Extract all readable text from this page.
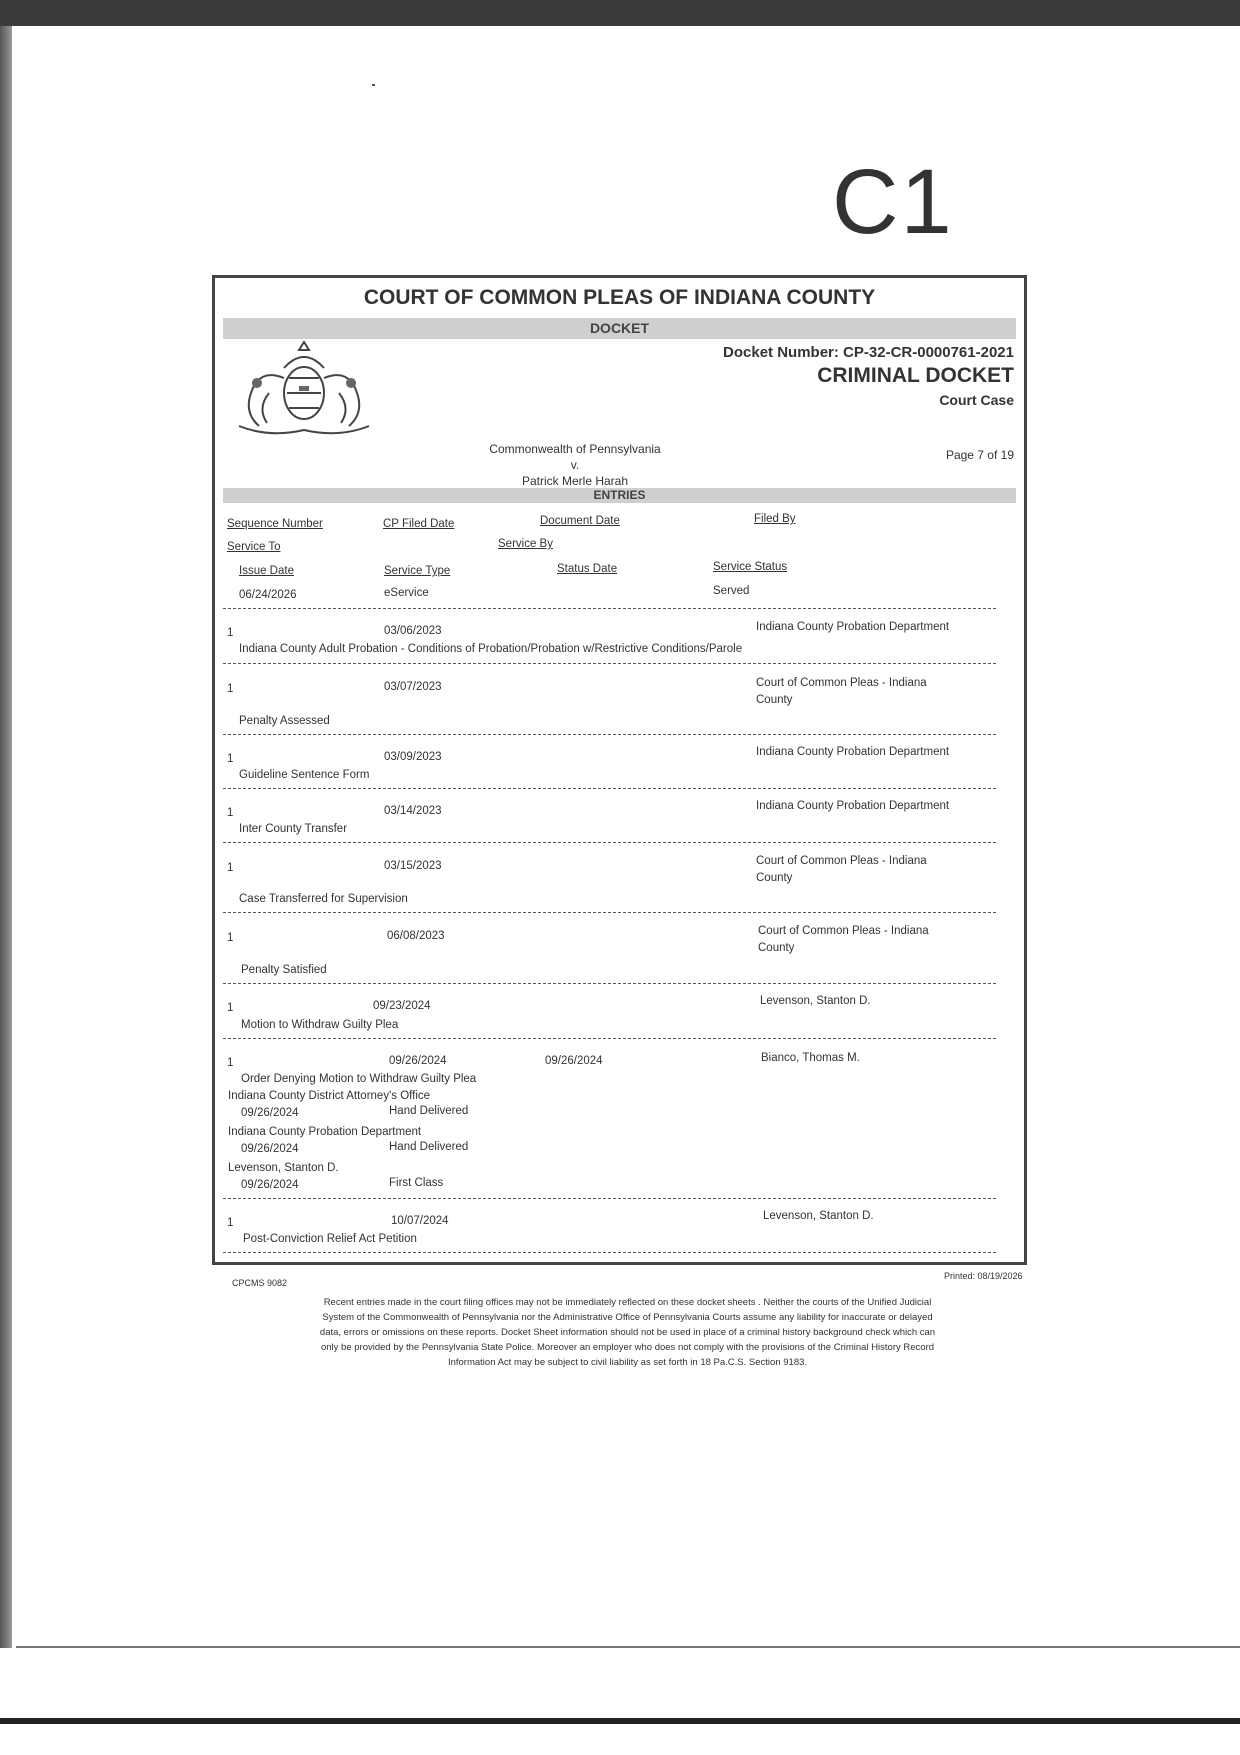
C1
COURT OF COMMON PLEAS OF INDIANA COUNTY
DOCKET
Docket Number: CP-32-CR-0000761-2021
CRIMINAL DOCKET
Court Case
Page 7 of 19
Commonwealth of Pennsylvania
v.
Patrick Merle Harah
ENTRIES
Sequence Number	CP Filed Date	Document Date	Filed By
Service To	Service By
Issue Date	Service Type	Status Date	Service Status
06/24/2026	eService	Served
1	03/06/2023	Indiana County Probation Department
Indiana County Adult Probation - Conditions of Probation/Probation w/Restrictive Conditions/Parole
1	03/07/2023	Court of Common Pleas - Indiana
County
Penalty Assessed
1	03/09/2023	Indiana County Probation Department
Guideline Sentence Form
1	03/14/2023	Indiana County Probation Department
Inter County Transfer
1	03/15/2023	Court of Common Pleas - Indiana
County
Case Transferred for Supervision
1	06/08/2023	Court of Common Pleas - Indiana
County
Penalty Satisfied
1	09/23/2024	Levenson, Stanton D.
Motion to Withdraw Guilty Plea
1	09/26/2024	09/26/2024	Bianco, Thomas M.
Order Denying Motion to Withdraw Guilty Plea
Indiana County District Attorney's Office
09/26/2024	Hand Delivered
Indiana County Probation Department
09/26/2024	Hand Delivered
Levenson, Stanton D.
09/26/2024	First Class
1	10/07/2024	Levenson, Stanton D.
Post-Conviction Relief Act Petition
CPCMS 9082
Printed: 08/19/2026
Recent entries made in the court filing offices may not be immediately reflected on these docket sheets . Neither the courts of the Unified Judicial
System of the Commonwealth of Pennsylvania nor the Administrative Office of Pennsylvania Courts assume any liability for inaccurate or delayed
data, errors or omissions on these reports. Docket Sheet information should not be used in place of a criminal history background check which can
only be provided by the Pennsylvania State Police. Moreover an employer who does not comply with the provisions of the Criminal History Record
Information Act may be subject to civil liability as set forth in 18 Pa.C.S. Section 9183.
